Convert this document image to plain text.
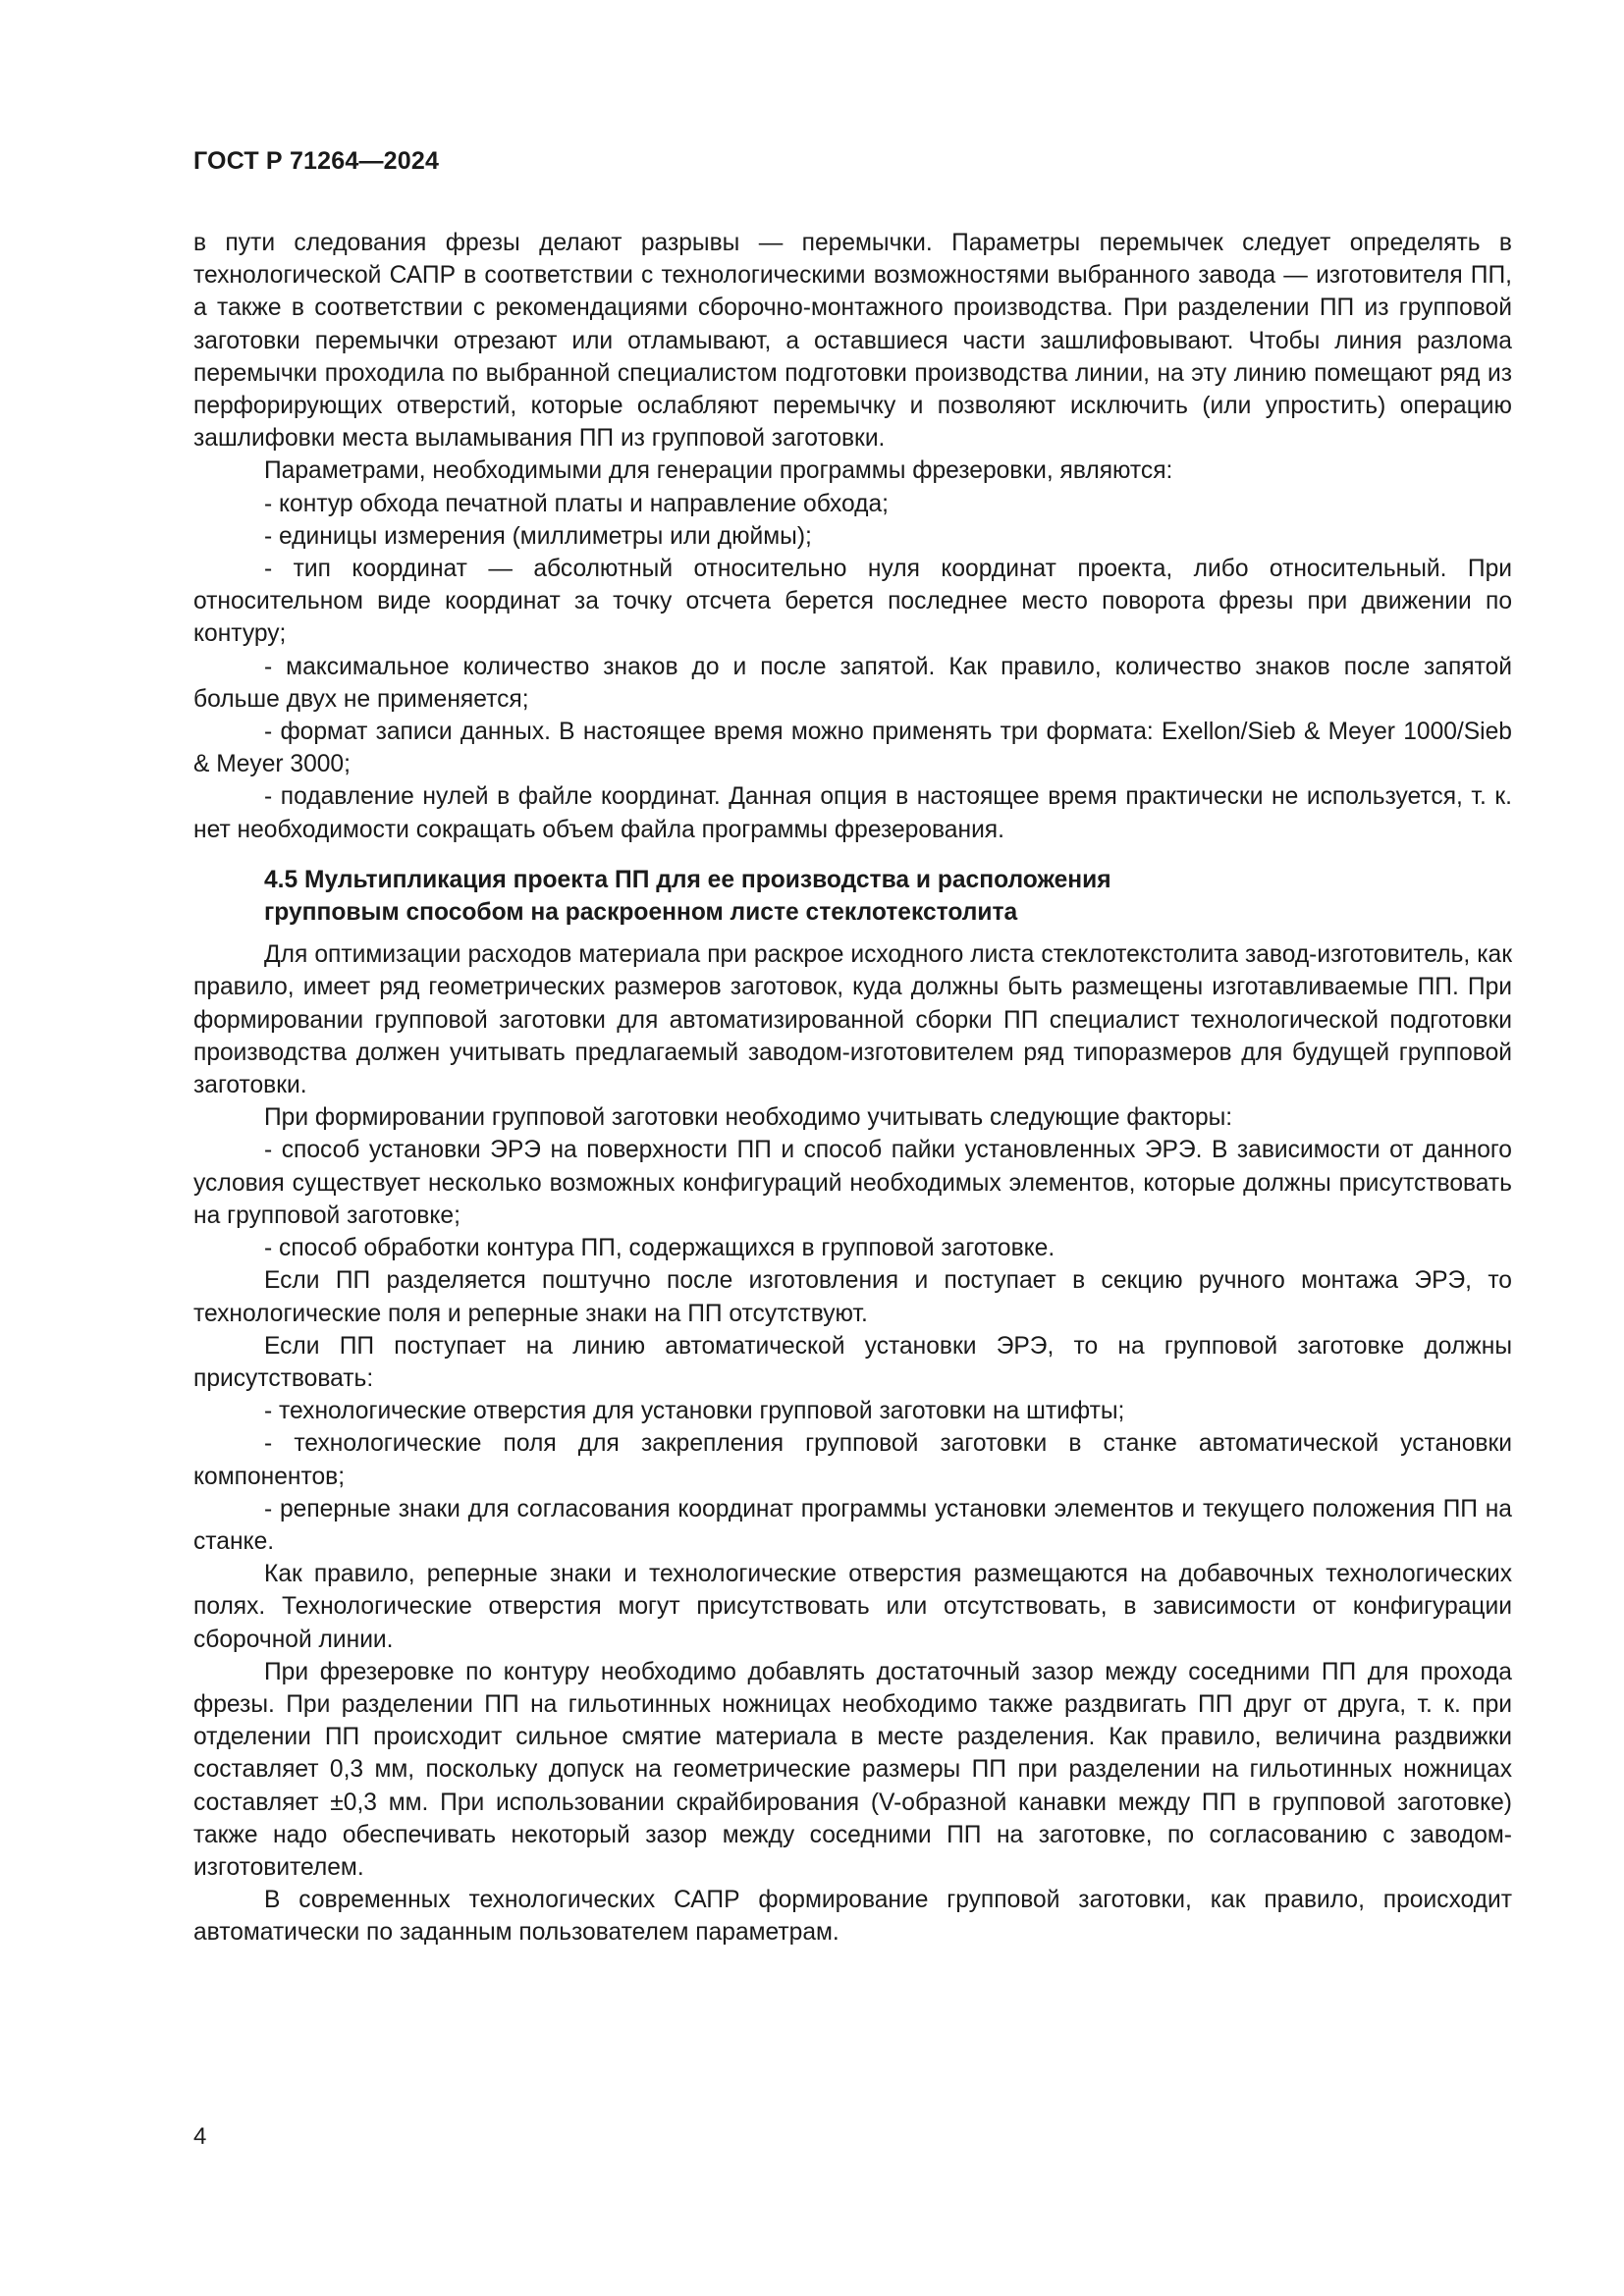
ГОСТ Р 71264—2024

в пути следования фрезы делают разрывы — перемычки. Параметры перемычек следует определять в технологической САПР в соответствии с технологическими возможностями выбранного завода — изготовителя ПП, а также в соответствии с рекомендациями сборочно-монтажного производства. При разделении ПП из групповой заготовки перемычки отрезают или отламывают, а оставшиеся части зашлифовывают. Чтобы линия разлома перемычки проходила по выбранной специалистом подготовки производства линии, на эту линию помещают ряд из перфорирующих отверстий, которые ослабляют перемычку и позволяют исключить (или упростить) операцию зашлифовки места выламывания ПП из групповой заготовки.

Параметрами, необходимыми для генерации программы фрезеровки, являются:

- контур обхода печатной платы и направление обхода;

- единицы измерения (миллиметры или дюймы);

- тип координат — абсолютный относительно нуля координат проекта, либо относительный. При относительном виде координат за точку отсчета берется последнее место поворота фрезы при движении по контуру;

- максимальное количество знаков до и после запятой. Как правило, количество знаков после запятой больше двух не применяется;

- формат записи данных. В настоящее время можно применять три формата: Exellon/Sieb & Meyer 1000/Sieb & Meyer 3000;

- подавление нулей в файле координат. Данная опция в настоящее время практически не используется, т. к. нет необходимости сокращать объем файла программы фрезерования.

4.5 Мультипликация проекта ПП для ее производства и расположения групповым способом на раскроенном листе стеклотекстолита

Для оптимизации расходов материала при раскрое исходного листа стеклотекстолита завод-изготовитель, как правило, имеет ряд геометрических размеров заготовок, куда должны быть размещены изготавливаемые ПП. При формировании групповой заготовки для автоматизированной сборки ПП специалист технологической подготовки производства должен учитывать предлагаемый заводом-изготовителем ряд типоразмеров для будущей групповой заготовки.

При формировании групповой заготовки необходимо учитывать следующие факторы:

- способ установки ЭРЭ на поверхности ПП и способ пайки установленных ЭРЭ. В зависимости от данного условия существует несколько возможных конфигураций необходимых элементов, которые должны присутствовать на групповой заготовке;

- способ обработки контура ПП, содержащихся в групповой заготовке.

Если ПП разделяется поштучно после изготовления и поступает в секцию ручного монтажа ЭРЭ, то технологические поля и реперные знаки на ПП отсутствуют.

Если ПП поступает на линию автоматической установки ЭРЭ, то на групповой заготовке должны присутствовать:

- технологические отверстия для установки групповой заготовки на штифты;

- технологические поля для закрепления групповой заготовки в станке автоматической установки компонентов;

- реперные знаки для согласования координат программы установки элементов и текущего положения ПП на станке.

Как правило, реперные знаки и технологические отверстия размещаются на добавочных технологических полях. Технологические отверстия могут присутствовать или отсутствовать, в зависимости от конфигурации сборочной линии.

При фрезеровке по контуру необходимо добавлять достаточный зазор между соседними ПП для прохода фрезы. При разделении ПП на гильотинных ножницах необходимо также раздвигать ПП друг от друга, т. к. при отделении ПП происходит сильное смятие материала в месте разделения. Как правило, величина раздвижки составляет 0,3 мм, поскольку допуск на геометрические размеры ПП при разделении на гильотинных ножницах составляет ±0,3 мм. При использовании скрайбирования (V-образной канавки между ПП в групповой заготовке) также надо обеспечивать некоторый зазор между соседними ПП на заготовке, по согласованию с заводом-изготовителем.

В современных технологических САПР формирование групповой заготовки, как правило, происходит автоматически по заданным пользователем параметрам.

4
